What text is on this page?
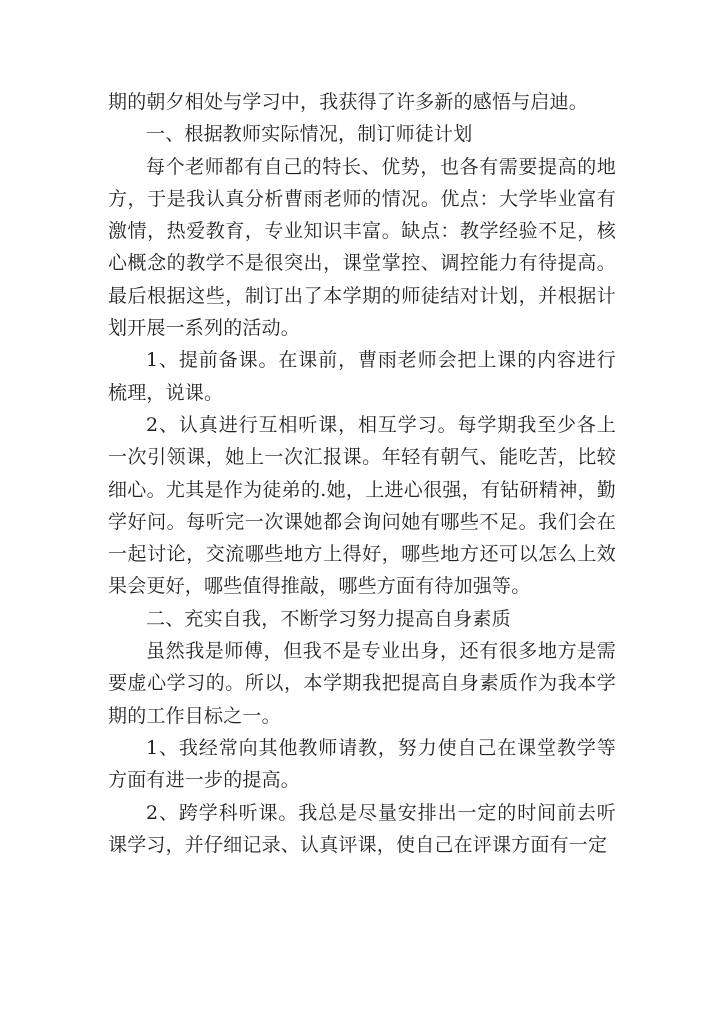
期的朝夕相处与学习中，我获得了许多新的感悟与启迪。

一、根据教师实际情况，制订师徒计划

每个老师都有自己的特长、优势，也各有需要提高的地方，于是我认真分析曹雨老师的情况。优点：大学毕业富有激情，热爱教育，专业知识丰富。缺点：教学经验不足，核心概念的教学不是很突出，课堂掌控、调控能力有待提高。最后根据这些，制订出了本学期的师徒结对计划，并根据计划开展一系列的活动。

1、提前备课。在课前，曹雨老师会把上课的内容进行梳理，说课。

2、认真进行互相听课，相互学习。每学期我至少各上一次引领课，她上一次汇报课。年轻有朝气、能吃苦，比较细心。尤其是作为徒弟的.她，上进心很强，有钻研精神，勤学好问。每听完一次课她都会询问她有哪些不足。我们会在一起讨论，交流哪些地方上得好，哪些地方还可以怎么上效果会更好，哪些值得推敲，哪些方面有待加强等。

二、充实自我，不断学习努力提高自身素质

虽然我是师傅，但我不是专业出身，还有很多地方是需要虚心学习的。所以，本学期我把提高自身素质作为我本学期的工作目标之一。

1、我经常向其他教师请教，努力使自己在课堂教学等方面有进一步的提高。

2、跨学科听课。我总是尽量安排出一定的时间前去听课学习，并仔细记录、认真评课，使自己在评课方面有一定
